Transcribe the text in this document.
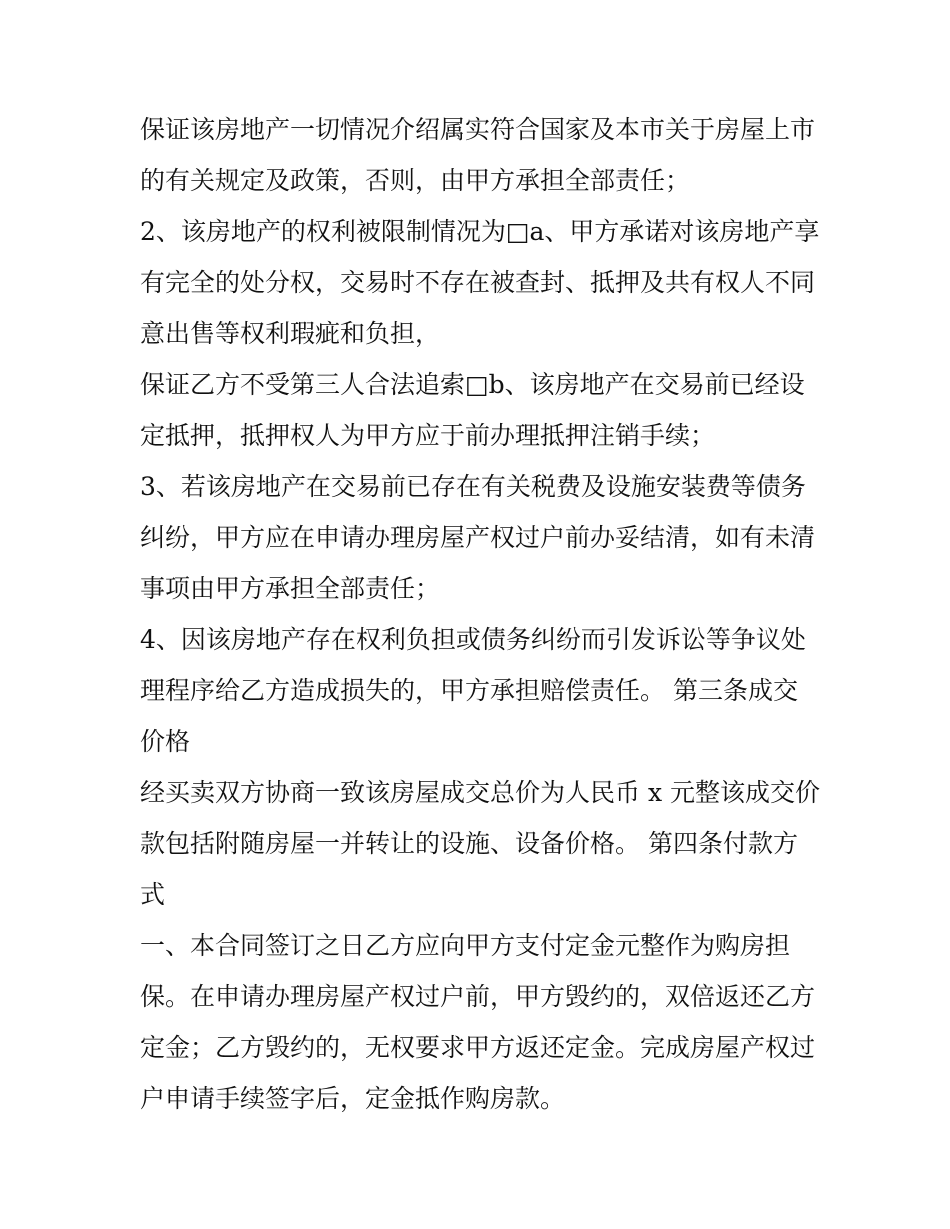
保证该房地产一切情况介绍属实符合国家及本市关于房屋上市

的有关规定及政策，否则，由甲方承担全部责任；

2、该房地产的权利被限制情况为□a、甲方承诺对该房地产享

有完全的处分权，交易时不存在被查封、抵押及共有权人不同

意出售等权利瑕疵和负担，

保证乙方不受第三人合法追索□b、该房地产在交易前已经设

定抵押，抵押权人为甲方应于前办理抵押注销手续；

3、若该房地产在交易前已存在有关税费及设施安装费等债务

纠纷，甲方应在申请办理房屋产权过户前办妥结清，如有未清

事项由甲方承担全部责任；

4、因该房地产存在权利负担或债务纠纷而引发诉讼等争议处

理程序给乙方造成损失的，甲方承担赔偿责任。 第三条成交

价格

经买卖双方协商一致该房屋成交总价为人民币 x 元整该成交价

款包括附随房屋一并转让的设施、设备价格。 第四条付款方

式

一、本合同签订之日乙方应向甲方支付定金元整作为购房担

保。在申请办理房屋产权过户前，甲方毁约的，双倍返还乙方

定金；乙方毁约的，无权要求甲方返还定金。完成房屋产权过

户申请手续签字后，定金抵作购房款。
